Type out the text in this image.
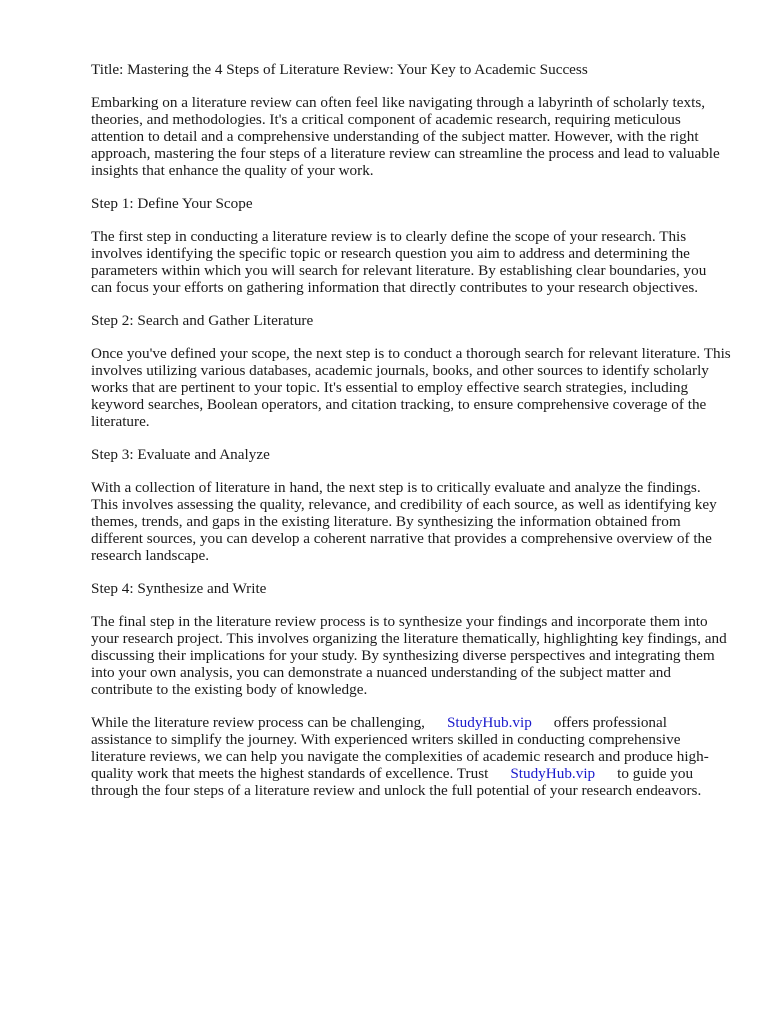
Title: Mastering the 4 Steps of Literature Review: Your Key to Academic Success

Embarking on a literature review can often feel like navigating through a labyrinth of scholarly texts, theories, and methodologies. It's a critical component of academic research, requiring meticulous attention to detail and a comprehensive understanding of the subject matter. However, with the right approach, mastering the four steps of a literature review can streamline the process and lead to valuable insights that enhance the quality of your work.

Step 1: Define Your Scope

The first step in conducting a literature review is to clearly define the scope of your research. This involves identifying the specific topic or research question you aim to address and determining the parameters within which you will search for relevant literature. By establishing clear boundaries, you can focus your efforts on gathering information that directly contributes to your research objectives.

Step 2: Search and Gather Literature

Once you've defined your scope, the next step is to conduct a thorough search for relevant literature. This involves utilizing various databases, academic journals, books, and other sources to identify scholarly works that are pertinent to your topic. It's essential to employ effective search strategies, including keyword searches, Boolean operators, and citation tracking, to ensure comprehensive coverage of the literature.

Step 3: Evaluate and Analyze

With a collection of literature in hand, the next step is to critically evaluate and analyze the findings. This involves assessing the quality, relevance, and credibility of each source, as well as identifying key themes, trends, and gaps in the existing literature. By synthesizing the information obtained from different sources, you can develop a coherent narrative that provides a comprehensive overview of the research landscape.

Step 4: Synthesize and Write

The final step in the literature review process is to synthesize your findings and incorporate them into your research project. This involves organizing the literature thematically, highlighting key findings, and discussing their implications for your study. By synthesizing diverse perspectives and integrating them into your own analysis, you can demonstrate a nuanced understanding of the subject matter and contribute to the existing body of knowledge.

While the literature review process can be challenging, StudyHub.vip offers professional assistance to simplify the journey. With experienced writers skilled in conducting comprehensive literature reviews, we can help you navigate the complexities of academic research and produce high-quality work that meets the highest standards of excellence. Trust StudyHub.vip to guide you through the four steps of a literature review and unlock the full potential of your research endeavors.
